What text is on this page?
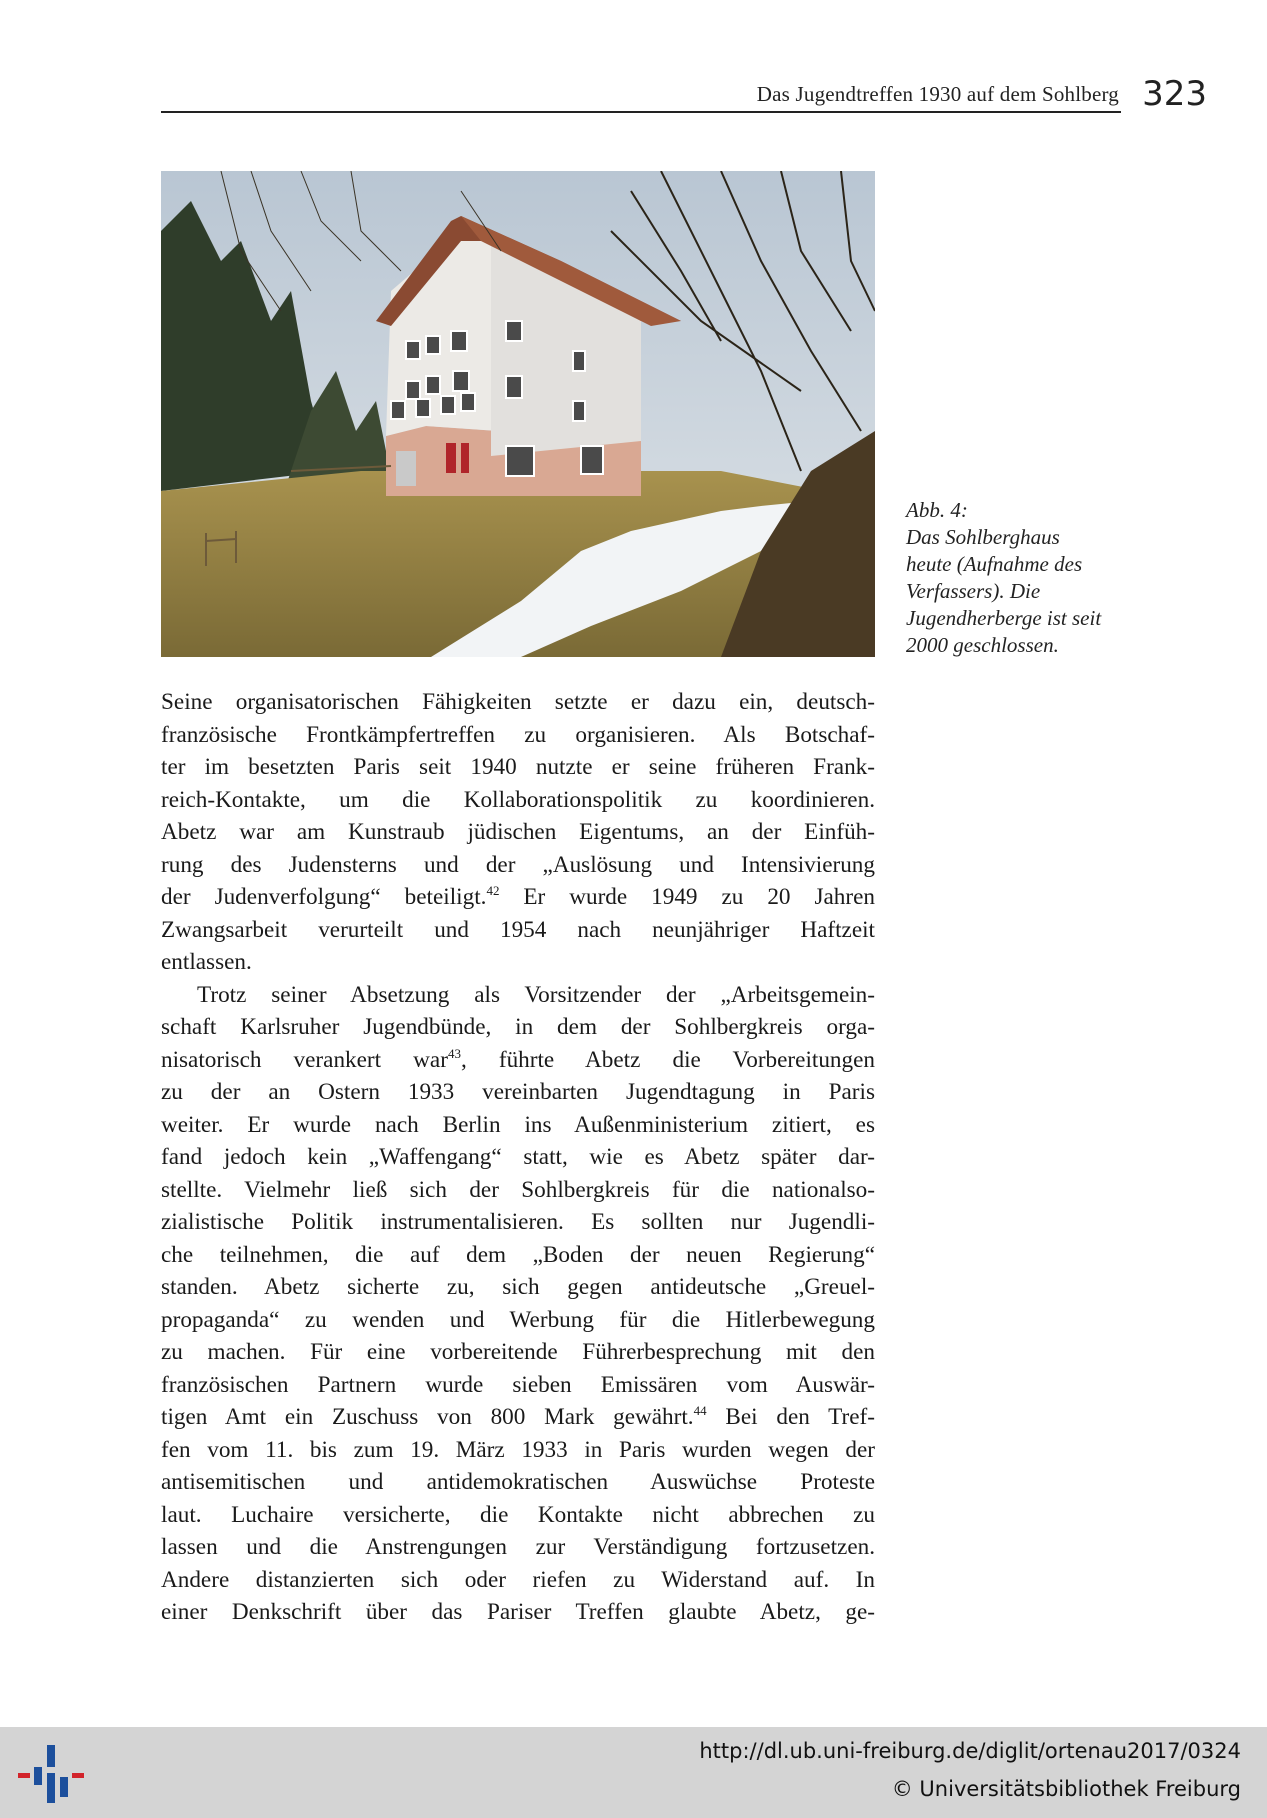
Das Jugendtreffen 1930 auf dem Sohlberg 323
Abb. 4:
Das Sohlberghaus
heute (Aufnahme des
Verfassers). Die
Jugendherberge ist seit
2000 geschlossen.
Seine organisatorischen Fähigkeiten setzte er dazu ein, deutsch-
französische Frontkämpfertreffen zu organisieren. Als Botschaf-
ter im besetzten Paris seit 1940 nutzte er seine früheren Frank-
reich-Kontakte, um die Kollaborationspolitik zu koordinieren.
Abetz war am Kunstraub jüdischen Eigentums, an der Einfüh-
rung des Judensterns und der „Auslösung und Intensivierung
der Judenverfolgung“ beteiligt.$^{42}$ Er wurde 1949 zu 20 Jahren
Zwangsarbeit verurteilt und 1954 nach neunjähriger Haftzeit
entlassen.
Trotz seiner Absetzung als Vorsitzender der „Arbeitsgemein-
schaft Karlsruher Jugendbünde, in dem der Sohlbergkreis orga-
nisatorisch verankert war$^{43}$, führte Abetz die Vorbereitungen
zu der an Ostern 1933 vereinbarten Jugendtagung in Paris
weiter. Er wurde nach Berlin ins Außenministerium zitiert, es
fand jedoch kein „Waffengang“ statt, wie es Abetz später dar-
stellte. Vielmehr ließ sich der Sohlbergkreis für die nationalso-
zialistische Politik instrumentalisieren. Es sollten nur Jugendli-
che teilnehmen, die auf dem „Boden der neuen Regierung“
standen. Abetz sicherte zu, sich gegen antideutsche „Greuel-
propaganda“ zu wenden und Werbung für die Hitlerbewegung
zu machen. Für eine vorbereitende Führerbesprechung mit den
französischen Partnern wurde sieben Emissären vom Auswär-
tigen Amt ein Zuschuss von 800 Mark gewährt.$^{44}$ Bei den Tref-
fen vom 11. bis zum 19. März 1933 in Paris wurden wegen der
antisemitischen und antidemokratischen Auswüchse Proteste
laut. Luchaire versicherte, die Kontakte nicht abbrechen zu
lassen und die Anstrengungen zur Verständigung fortzusetzen.
Andere distanzierten sich oder riefen zu Widerstand auf. In
einer Denkschrift über das Pariser Treffen glaubte Abetz, ge-
http://dl.ub.uni-freiburg.de/diglit/ortenau2017/0324
© Universitätsbibliothek Freiburg
